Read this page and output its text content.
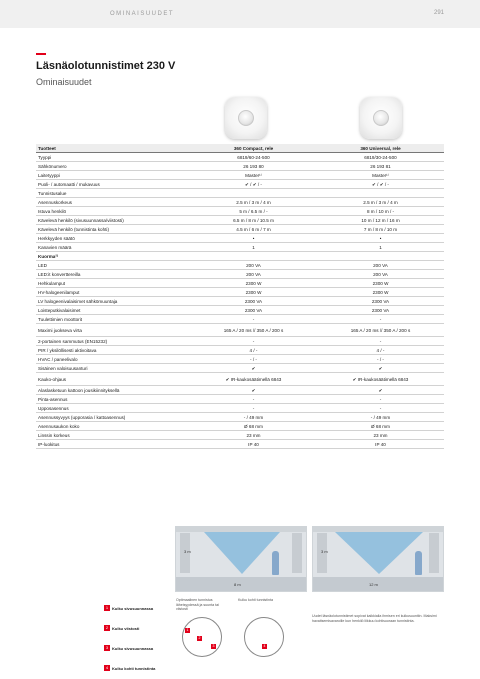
OMINAISUUDET	291
Läsnäolotunnistimet 230 V
Ominaisuudet
Tuotteet	360 Compact, rele	360 Universal, rele
Tyyppi	6819/60-24-500	6819/30-24-500
Sähkönumero	26 193 80	26 193 81
Laitetyyppi	Master¹⁾	Master¹⁾
Puoli- / automaatti / mukavuus	✔ / ✔ / -	✔ / ✔ / -
Tunnistusalue		
Asennuskorkeus	2.5 m / 3 m / 4 m	2.5 m / 3 m / 4 m
Istuva henkilö	5 m / 6.5 m / -	8 m / 10 m / -
Kävelevä henkilö (sivusuunnassa/viistosti)	6.5 m / 8 m / 10.5 m	10 m / 12 m / 16 m
Kävelevä henkilö (tunnistinta kohti)	4.5 m / 6 m / 7 m	7 m / 8 m / 10 m
Herkkyyden säätö	•	•
Kanavien määrä	1	1
Kuorma²⁾		
LED	200 VA	200 VA
LED:it konverttereilla	200 VA	200 VA
Hehkulamput	2300 W	2300 W
HV-halogeenilamput	2300 W	2300 W
LV halogeenivalaisimet sähkömuuntaja	2300 VA	2300 VA
Loisteputkivalaisimet	2300 VA	2300 VA
Tuulettimien moottorit	-	-
Maximi juokseva virta	165 A / 20 ms // 350 A / 200 s	165 A / 20 ms // 350 A / 200 s
2-portainen sammutus (EN15232)	-	-
PIR / yksilöllisesti aktivoitava	4 / -	4 / -
HVAC / paneelivalo	- / -	- / -
Sisäinen valoisuusanturi	✔	✔
Kauko-ohjaus	✔ IR-kaukosäätimellä 6843	✔ IR-kaukosäätimellä 6843
Alaslasketuun kattoon jousikiinnityksellä	✔	✔
Pinta-asennus	-	-
Upposasennus	-	-
Asennussyvyys (upporasia / kattoasennus)	- / 49 mm	- / 49 mm
Asennusaukon koko	Ø 68 mm	Ø 68 mm
Linssin korkeus	23 mm	23 mm
IP-luokitus	IP 40	IP 40
3 m
8 m
3 m
12 m
1 Kulku sivusuunnassa
2 Kulku viistosti
3 Kulku sivusuunnassa
4 Kulku kohti tunnistinta
Optimaalinen tunnistus läheisyydessä ja suunta tai viistosti
Kulku kohti tunnistinta
1
2
3	4
Uudet läsnäolotunnistimet sopivat kaikkialla ihmisen eri kulkusuuntiin. Maksimi havaitsemisavaroille kun henkilö liikkuu kohtisuoraan tunnistinta.
